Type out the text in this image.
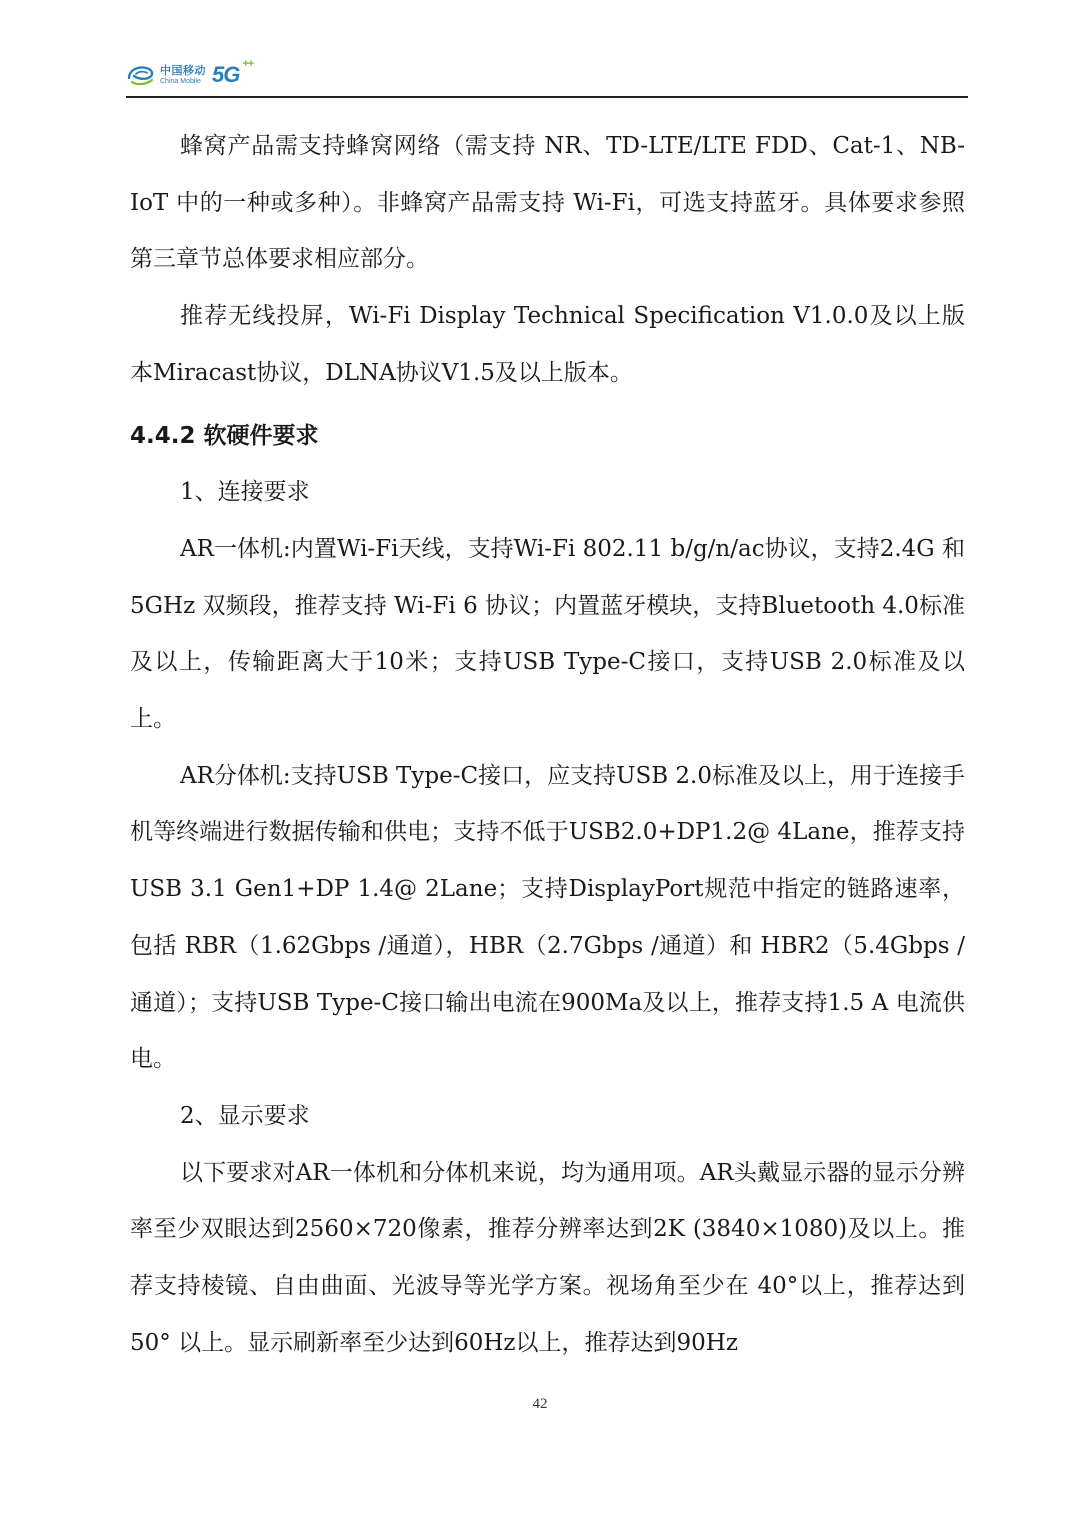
中国移动
China Mobile 5G ++

蜂窝产品需支持蜂窝网络（需支持 NR、TD-LTE/LTE FDD、Cat-1、NB-IoT 中的一种或多种）。非蜂窝产品需支持 Wi-Fi，可选支持蓝牙。具体要求参照第三章节总体要求相应部分。

推荐无线投屏，Wi-Fi Display Technical Specification V1.0.0及以上版本Miracast协议，DLNA协议V1.5及以上版本。

4.4.2 软硬件要求

1、连接要求

AR一体机:内置Wi-Fi天线，支持Wi-Fi 802.11 b/g/n/ac协议，支持2.4G 和 5GHz 双频段，推荐支持 Wi-Fi 6 协议；内置蓝牙模块，支持Bluetooth 4.0标准及以上，传输距离大于10米；支持USB Type-C接口，支持USB 2.0标准及以上。

AR分体机:支持USB Type-C接口，应支持USB 2.0标准及以上，用于连接手机等终端进行数据传输和供电；支持不低于USB2.0+DP1.2@ 4Lane，推荐支持USB 3.1 Gen1+DP 1.4@ 2Lane；支持DisplayPort规范中指定的链路速率，包括 RBR（1.62Gbps /通道），HBR（2.7Gbps /通道）和 HBR2（5.4Gbps /通道）；支持USB Type-C接口输出电流在900Ma及以上，推荐支持1.5 A 电流供电。

2、显示要求

以下要求对AR一体机和分体机来说，均为通用项。AR头戴显示器的显示分辨率至少双眼达到2560×720像素，推荐分辨率达到2K (3840×1080)及以上。推荐支持棱镜、自由曲面、光波导等光学方案。视场角至少在 40°以上，推荐达到50° 以上。显示刷新率至少达到60Hz以上，推荐达到90Hz

42
